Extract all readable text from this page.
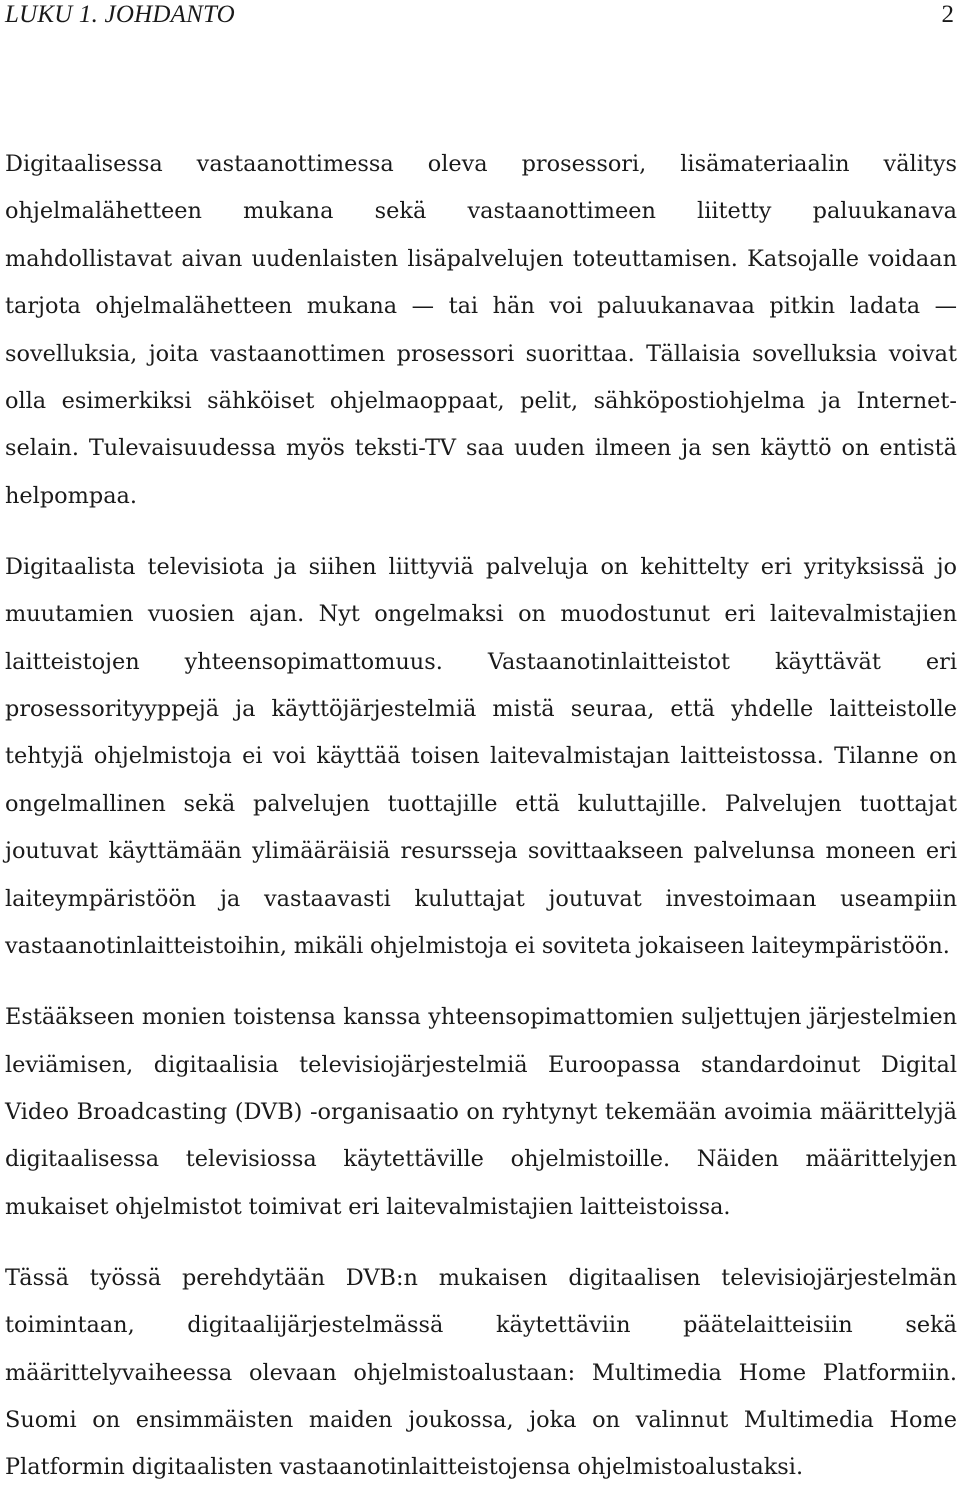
LUKU 1. JOHDANTO	2

Digitaalisessa vastaanottimessa oleva prosessori, lisämateriaalin välitys ohjelmalähetteen mukana sekä vastaanottimeen liitetty paluukanava mahdollistavat aivan uudenlaisten lisäpalvelujen toteuttamisen. Katsojalle voidaan tarjota ohjelmalähetteen mukana — tai hän voi paluukanavaa pitkin ladata — sovelluksia, joita vastaanottimen prosessori suorittaa. Tällaisia sovelluksia voivat olla esimerkiksi sähköiset ohjelmaoppaat, pelit, sähköpostiohjelma ja Internet-selain. Tulevaisuudessa myös teksti-TV saa uuden ilmeen ja sen käyttö on entistä helpompaa.

Digitaalista televisiota ja siihen liittyviä palveluja on kehittelty eri yrityksissä jo muutamien vuosien ajan. Nyt ongelmaksi on muodostunut eri laitevalmistajien laitteistojen yhteensopimattomuus. Vastaanotinlaitteistot käyttävät eri prosessorityyppejä ja käyttöjärjestelmiä mistä seuraa, että yhdelle laitteistolle tehtyjä ohjelmistoja ei voi käyttää toisen laitevalmistajan laitteistossa. Tilanne on ongelmallinen sekä palvelujen tuottajille että kuluttajille. Palvelujen tuottajat joutuvat käyttämään ylimääräisiä resursseja sovittaakseen palvelunsa moneen eri laiteympäristöön ja vastaavasti kuluttajat joutuvat investoimaan useampiin vastaanotinlaitteistoihin, mikäli ohjelmistoja ei soviteta jokaiseen laiteympäristöön.

Estääkseen monien toistensa kanssa yhteensopimattomien suljettujen järjestelmien leviämisen, digitaalisia televisiojärjestelmiä Euroopassa standardoinut Digital Video Broadcasting (DVB) -organisaatio on ryhtynyt tekemään avoimia määrittelyjä digitaalisessa televisiossa käytettäville ohjelmistoille. Näiden määrittelyjen mukaiset ohjelmistot toimivat eri laitevalmistajien laitteistoissa.

Tässä työssä perehdytään DVB:n mukaisen digitaalisen televisiojärjestelmän toimintaan, digitaalijärjestelmässä käytettäviin päätelaitteisiin sekä määrittelyvaiheessa olevaan ohjelmistoalustaan: Multimedia Home Platformiin. Suomi on ensimmäisten maiden joukossa, joka on valinnut Multimedia Home Platformin digitaalisten vastaanotinlaitteistojensa ohjelmistoalustaksi.
